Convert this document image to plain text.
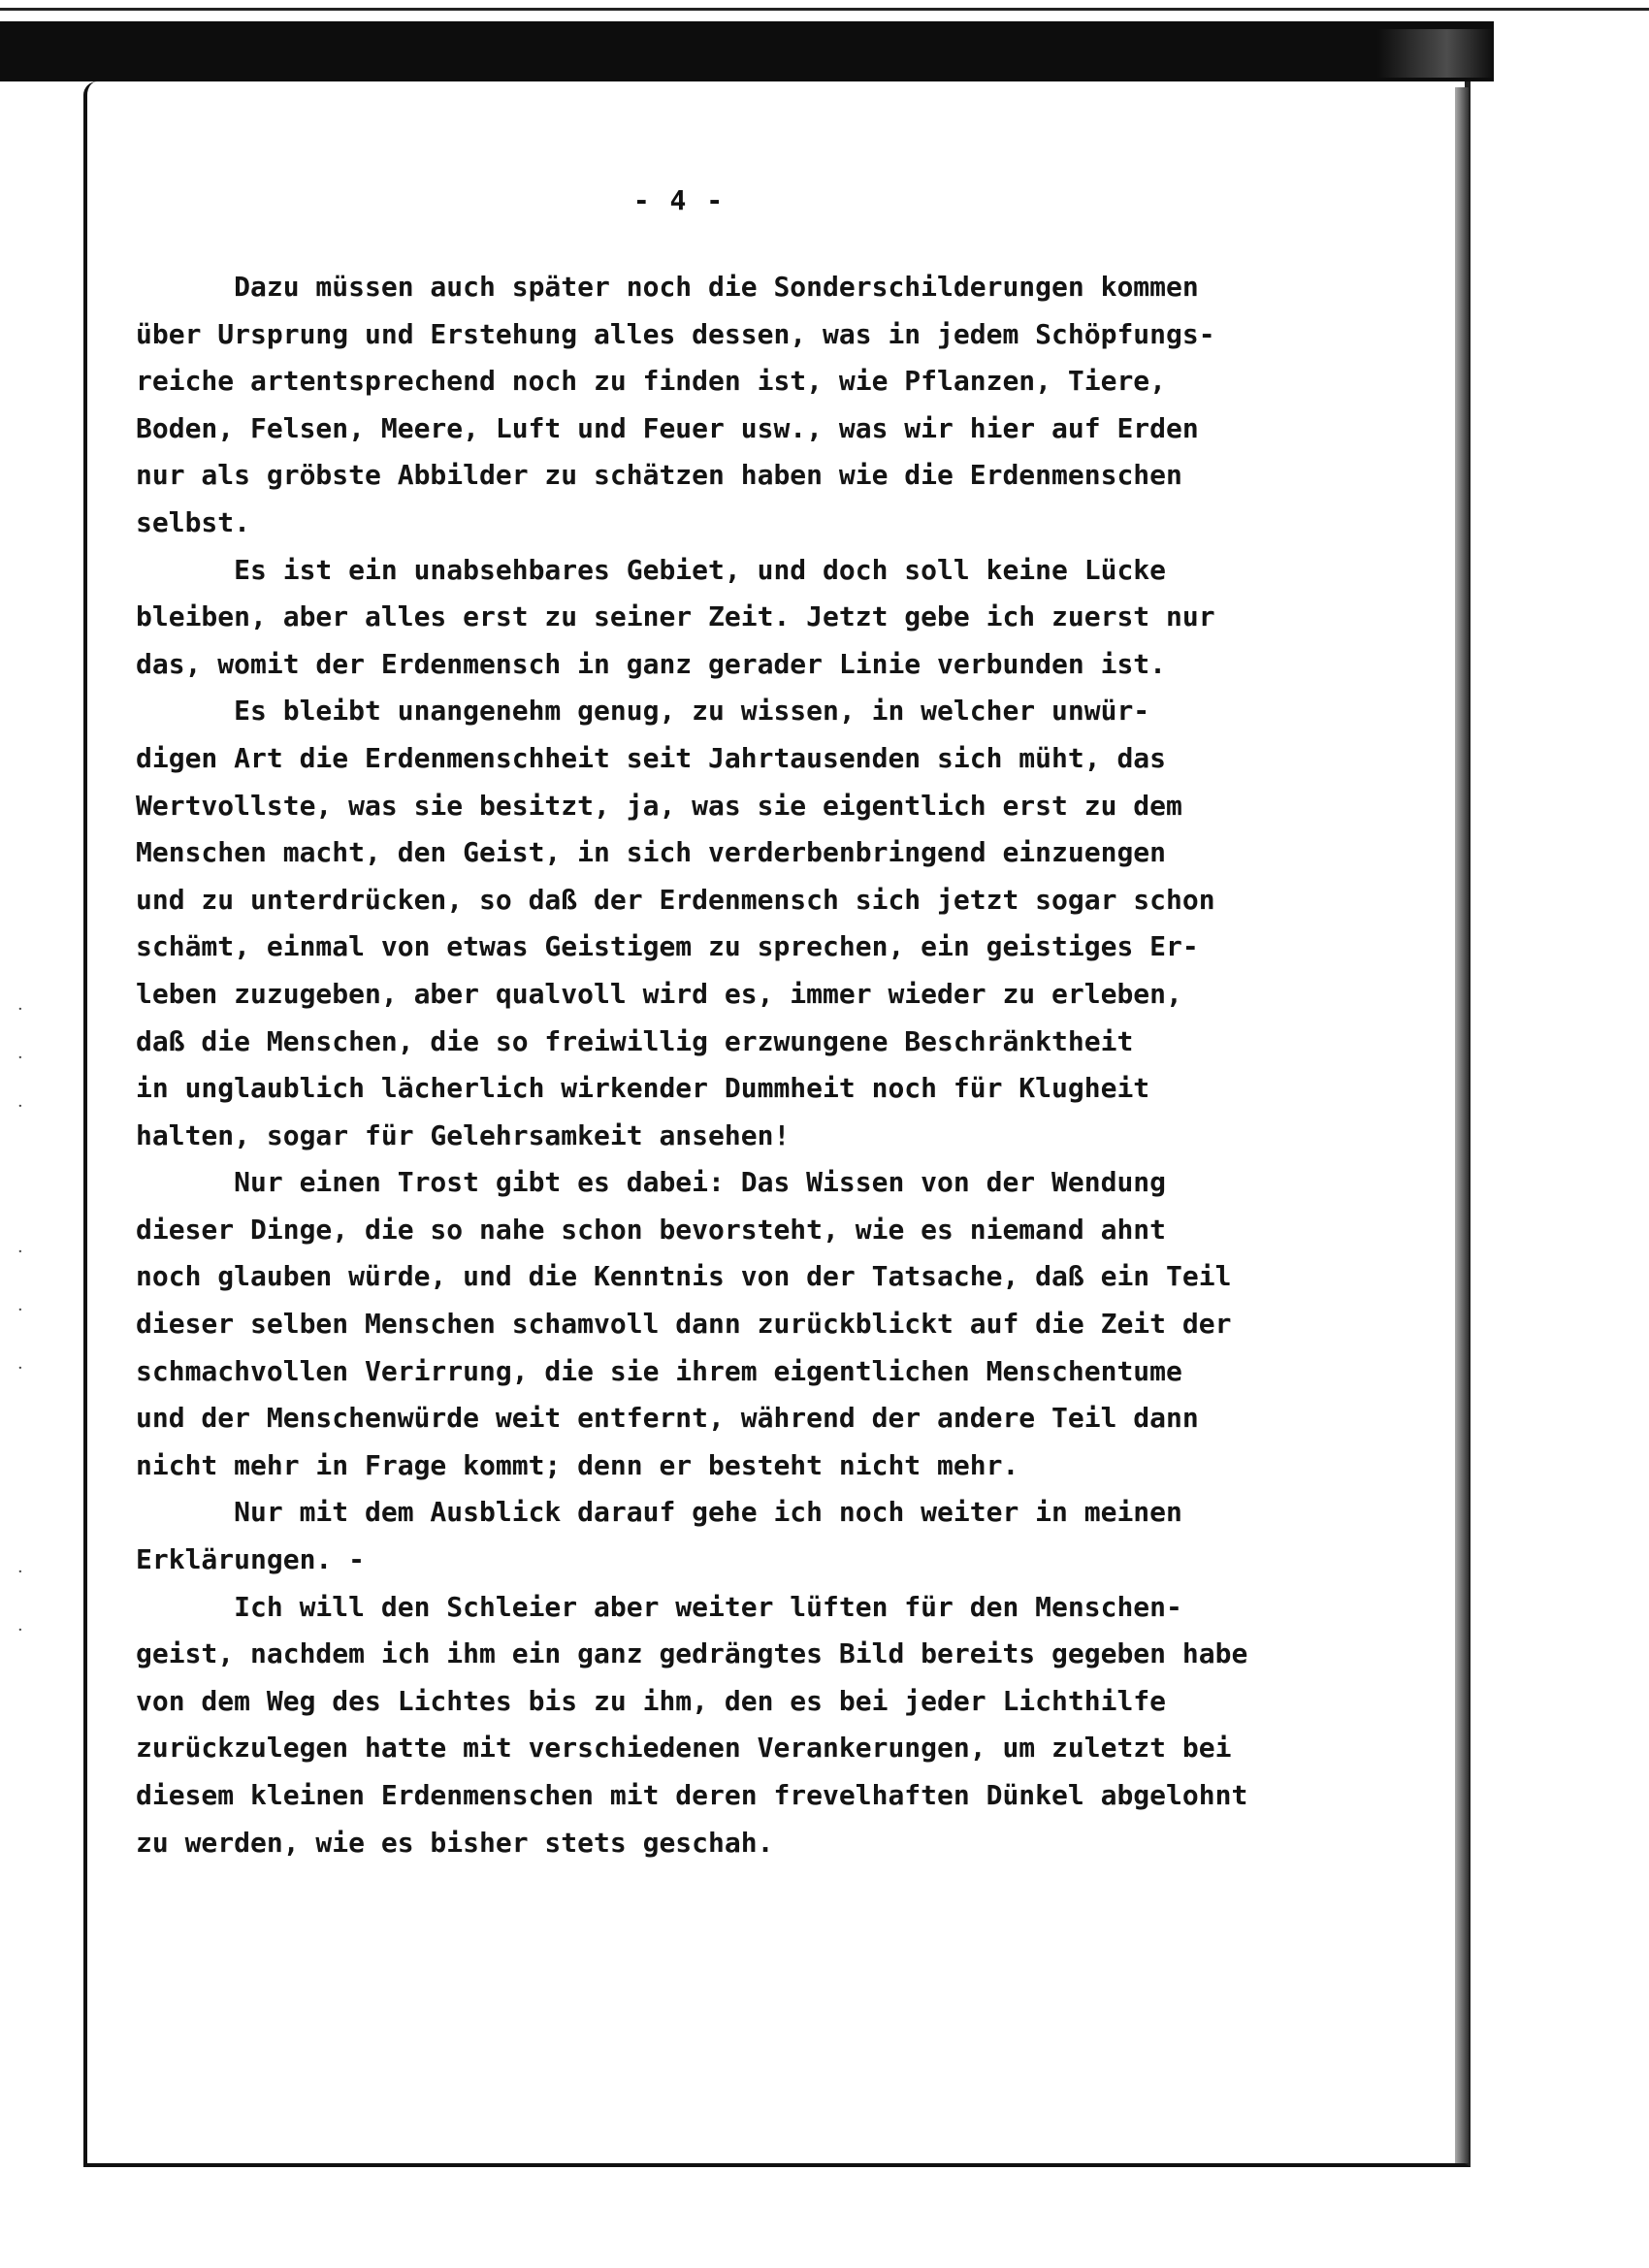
- 4 -
Dazu müssen auch später noch die Sonderschilderungen kommen
über Ursprung und Erstehung alles dessen, was in jedem Schöpfungs-
reiche artentsprechend noch zu finden ist, wie Pflanzen, Tiere,
Boden, Felsen, Meere, Luft und Feuer usw., was wir hier auf Erden
nur als gröbste Abbilder zu schätzen haben wie die Erdenmenschen
selbst.
Es ist ein unabsehbares Gebiet, und doch soll keine Lücke
bleiben, aber alles erst zu seiner Zeit. Jetzt gebe ich zuerst nur
das, womit der Erdenmensch in ganz gerader Linie verbunden ist.
Es bleibt unangenehm genug, zu wissen, in welcher unwür-
digen Art die Erdenmenschheit seit Jahrtausenden sich müht, das
Wertvollste, was sie besitzt, ja, was sie eigentlich erst zu dem
Menschen macht, den Geist, in sich verderbenbringend einzuengen
und zu unterdrücken, so daß der Erdenmensch sich jetzt sogar schon
schämt, einmal von etwas Geistigem zu sprechen, ein geistiges Er-
leben zuzugeben, aber qualvoll wird es, immer wieder zu erleben,
daß die Menschen, die so freiwillig erzwungene Beschränktheit
in unglaublich lächerlich wirkender Dummheit noch für Klugheit
halten, sogar für Gelehrsamkeit ansehen!
Nur einen Trost gibt es dabei: Das Wissen von der Wendung
dieser Dinge, die so nahe schon bevorsteht, wie es niemand ahnt
noch glauben würde, und die Kenntnis von der Tatsache, daß ein Teil
dieser selben Menschen schamvoll dann zurückblickt auf die Zeit der
schmachvollen Verirrung, die sie ihrem eigentlichen Menschentume
und der Menschenwürde weit entfernt, während der andere Teil dann
nicht mehr in Frage kommt; denn er besteht nicht mehr.
Nur mit dem Ausblick darauf gehe ich noch weiter in meinen
Erklärungen. -
Ich will den Schleier aber weiter lüften für den Menschen-
geist, nachdem ich ihm ein ganz gedrängtes Bild bereits gegeben habe
von dem Weg des Lichtes bis zu ihm, den es bei jeder Lichthilfe
zurückzulegen hatte mit verschiedenen Verankerungen, um zuletzt bei
diesem kleinen Erdenmenschen mit deren frevelhaften Dünkel abgelohnt
zu werden, wie es bisher stets geschah.
·
·
·
·
·
·
·
·
